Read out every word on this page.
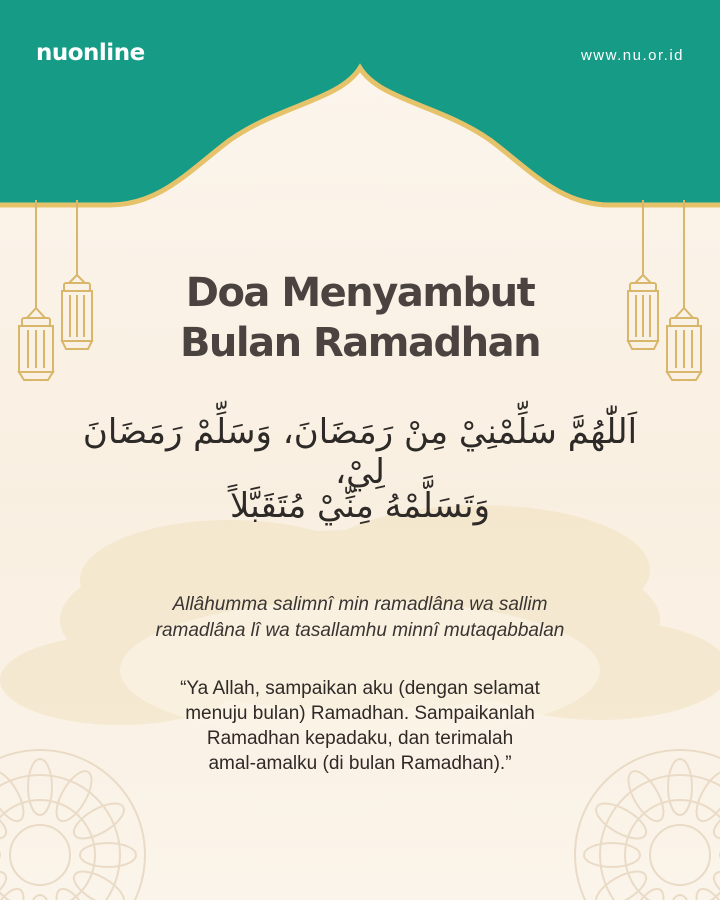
nuonline	www.nu.or.id
Doa Menyambut
Bulan Ramadhan
اَللّٰهُمَّ سَلِّمْنِيْ مِنْ رَمَضَانَ، وَسَلِّمْ رَمَضَانَ لِيْ،
وَتَسَلَّمْهُ مِنِّيْ مُتَقَبَّلاً
Allâhumma salimnî min ramadlâna wa sallim
ramadlâna lî wa tasallamhu minnî mutaqabbalan
“Ya Allah, sampaikan aku (dengan selamat
menuju bulan) Ramadhan. Sampaikanlah
Ramadhan kepadaku, dan terimalah
amal-amalku (di bulan Ramadhan).”
